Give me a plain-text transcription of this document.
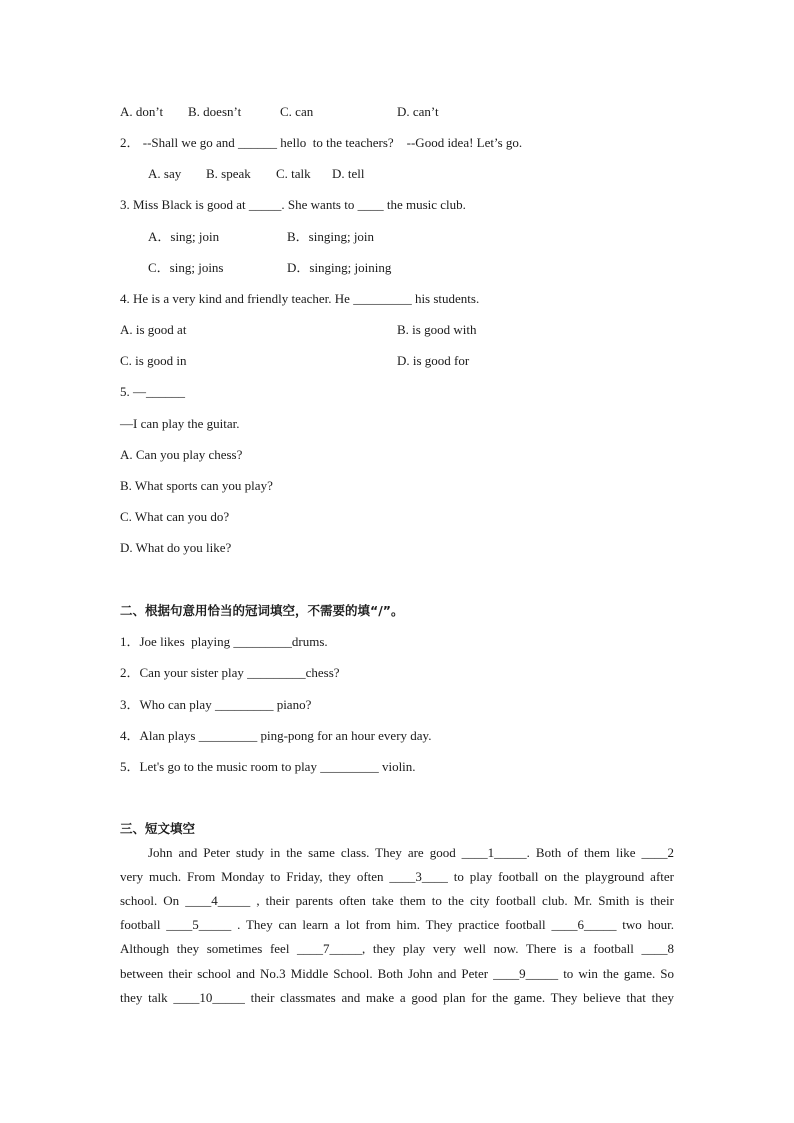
A. don’t B. doesn’t	C. can	D. can’t
2． --Shall we go and ______ hello  to the teachers?    --Good idea! Let’s go.
A. say B. speak C. talk D. tell
3. Miss Black is good at _____. She wants to ____ the music club.
A．sing; join	B．singing; join
C．sing; joins	D．singing; joining
4. He is a very kind and friendly teacher. He _________ his students.
A. is good at	B. is good with
C. is good in	D. is good for
5. —______
—I can play the guitar.
A. Can you play chess?
B. What sports can you play?
C. What can you do?
D. What do you like?
二、根据句意用恰当的冠词填空，不需要的填“/”。
1．Joe likes  playing _________drums.
2．Can your sister play _________chess?
3．Who can play _________ piano?
4．Alan plays _________ ping-pong for an hour every day.
5．Let's go to the music room to play _________ violin.
三、短文填空
John and Peter study in the same class. They are good ____1_____. Both of them like ____2
very much. From Monday to Friday, they often ____3____ to play football on the playground after
school. On ____4_____ , their parents often take them to the city football club. Mr. Smith is their
football ____5_____ . They can learn a lot from him. They practice football ____6_____ two hour.
Although they sometimes feel ____7_____, they play very well now. There is a football ____8
between their school and No.3 Middle School. Both John and Peter ____9_____ to win the game. So
they talk ____10_____ their classmates and make a good plan for the game. They believe that they
